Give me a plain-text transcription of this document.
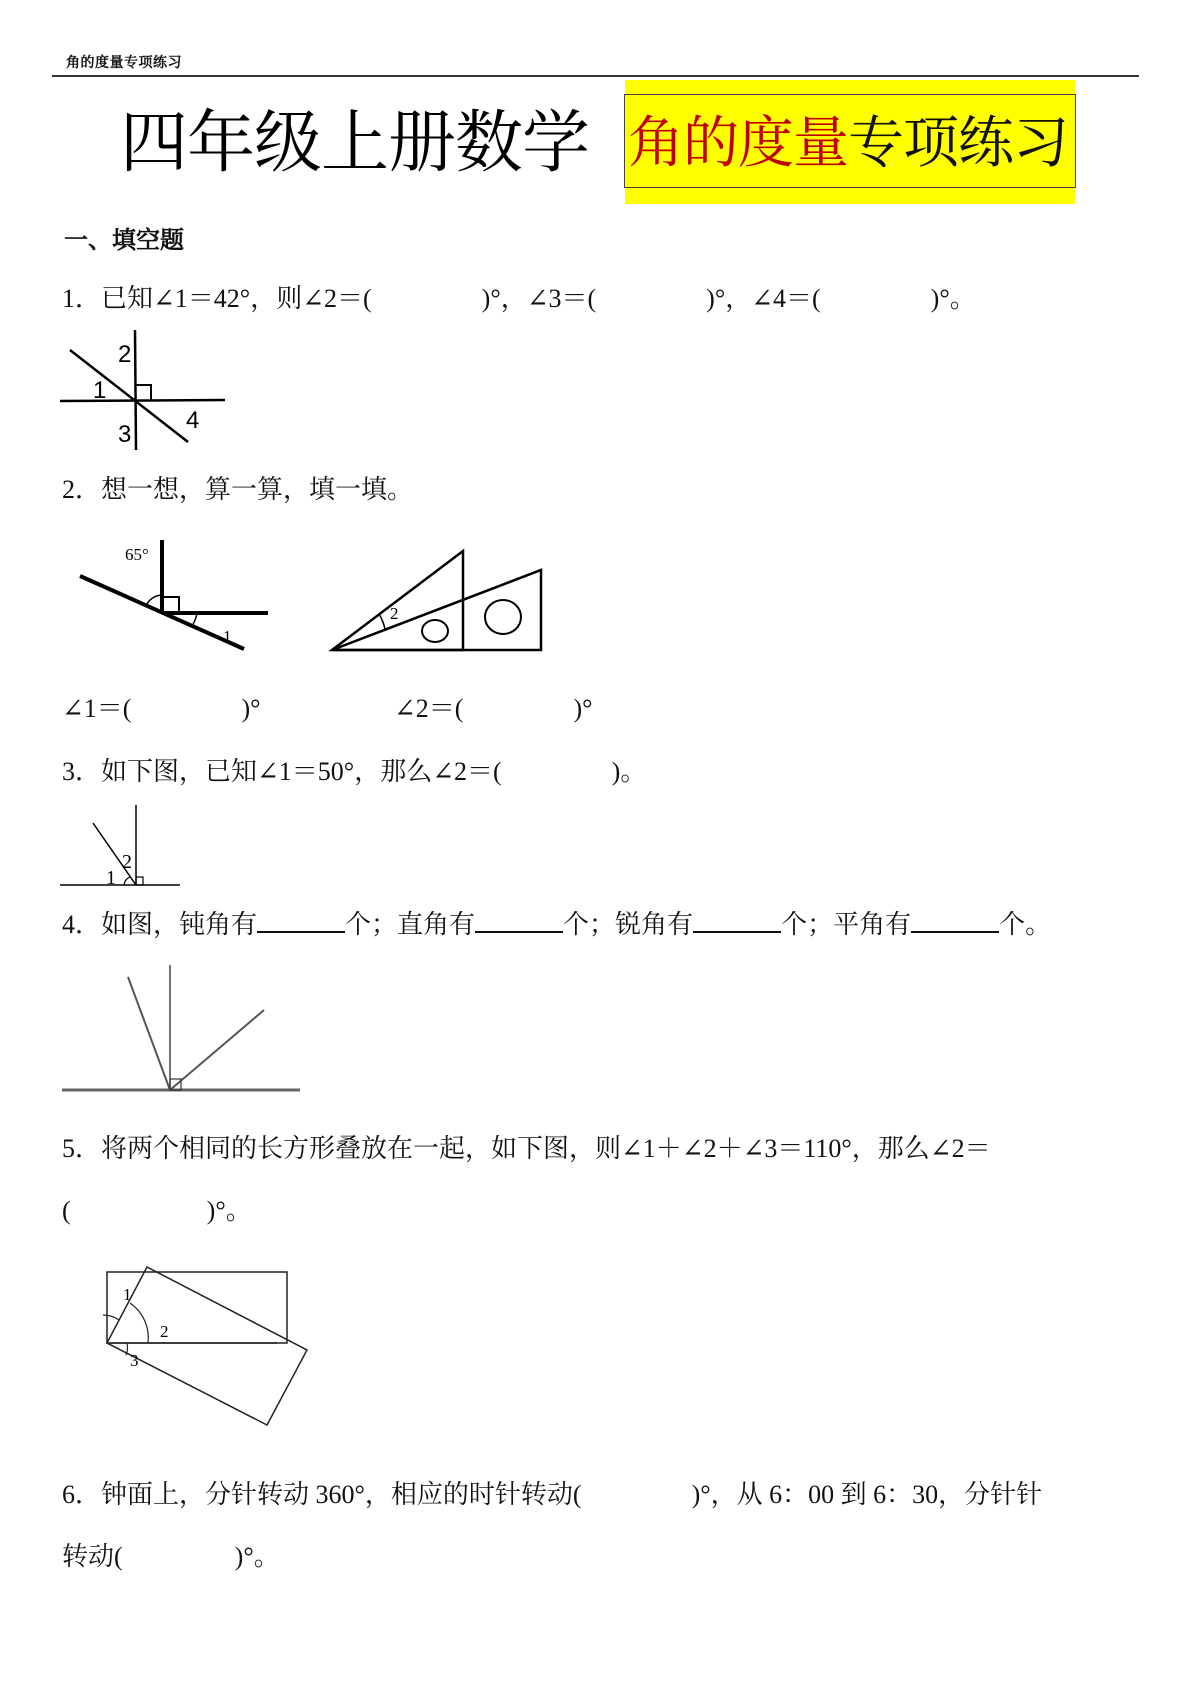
角的度量专项练习
四年级上册数学 角的度量专项练习
一、填空题
1．已知∠1＝42°，则∠2＝(	)°，∠3＝(	)°，∠4＝(	)°。
2
1
3
4
2．想一想，算一算，填一填。
65°
1
2
∠1＝(	)°	∠2＝(	)°
3．如下图，已知∠1＝50°，那么∠2＝(	)。
2
1
4．如图，钝角有	个；直角有	个；锐角有	个；平角有	个。
5．将两个相同的长方形叠放在一起，如下图，则∠1＋∠2＋∠3＝110°，那么∠2＝
(	)°。
1
2
3
6．钟面上，分针转动 360°，相应的时针转动(	)°，从 6：00 到 6：30，分针针
转动(	)°。
